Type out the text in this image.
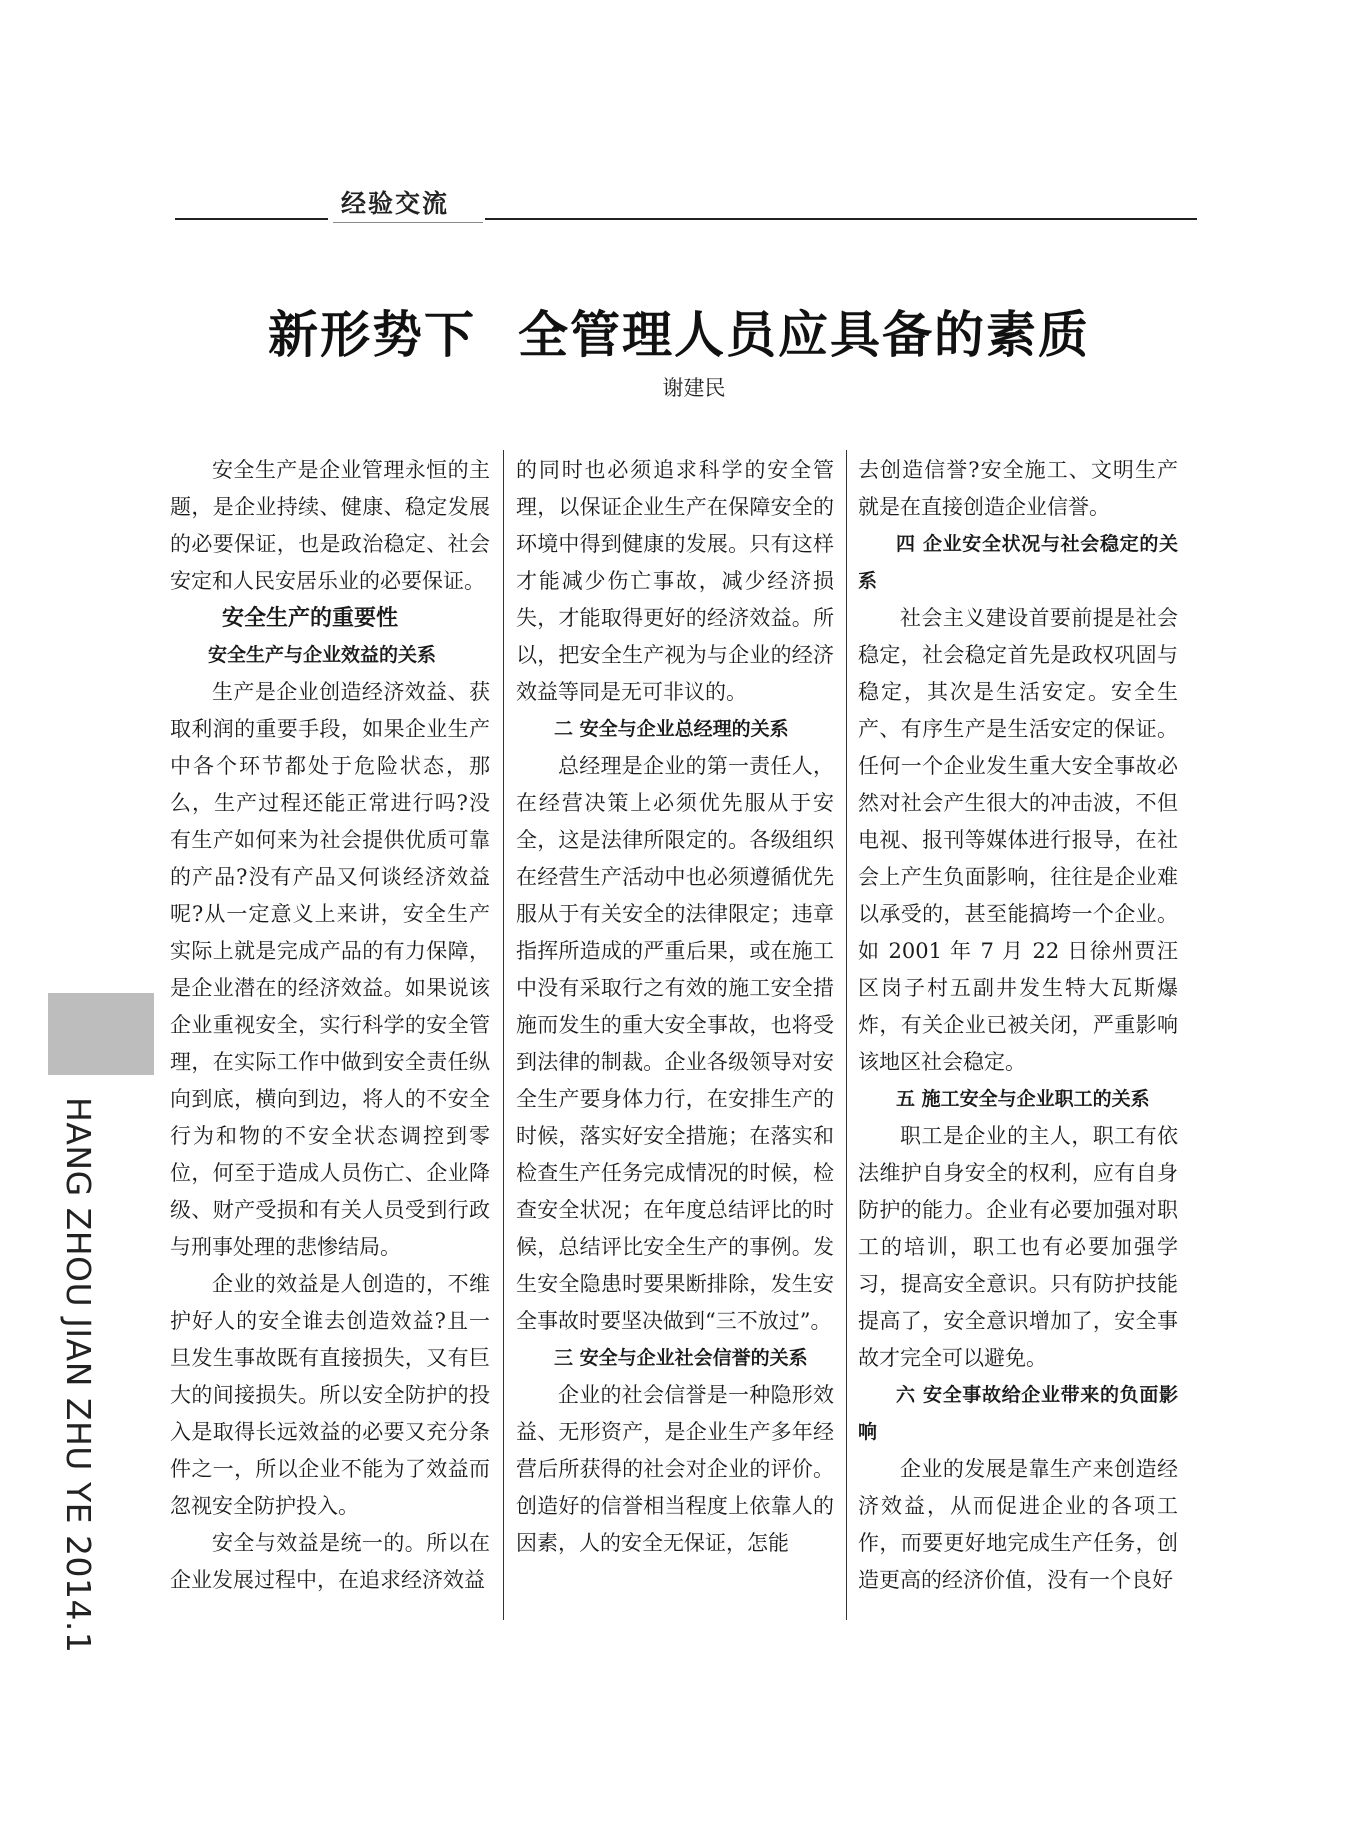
经验交流
新形势下 全管理人员应具备的素质
谢建民

安全生产是企业管理永恒的主题，是企业持续、健康、稳定发展的必要保证，也是政治稳定、社会安定和人民安居乐业的必要保证。

安全生产的重要性
安全生产与企业效益的关系

生产是企业创造经济效益、获取利润的重要手段，如果企业生产中各个环节都处于危险状态，那么，生产过程还能正常进行吗?没有生产如何来为社会提供优质可靠的产品?没有产品又何谈经济效益呢?从一定意义上来讲，安全生产实际上就是完成产品的有力保障，是企业潜在的经济效益。如果说该企业重视安全，实行科学的安全管理，在实际工作中做到安全责任纵向到底，横向到边，将人的不安全行为和物的不安全状态调控到零位，何至于造成人员伤亡、企业降级、财产受损和有关人员受到行政与刑事处理的悲惨结局。

企业的效益是人创造的，不维护好人的安全谁去创造效益?且一旦发生事故既有直接损失，又有巨大的间接损失。所以安全防护的投入是取得长远效益的必要又充分条件之一，所以企业不能为了效益而忽视安全防护投入。

安全与效益是统一的。所以在企业发展过程中，在追求经济效益

的同时也必须追求科学的安全管理，以保证企业生产在保障安全的环境中得到健康的发展。只有这样才能减少伤亡事故，减少经济损失，才能取得更好的经济效益。所以，把安全生产视为与企业的经济效益等同是无可非议的。

二 安全与企业总经理的关系

总经理是企业的第一责任人，在经营决策上必须优先服从于安全，这是法律所限定的。各级组织在经营生产活动中也必须遵循优先服从于有关安全的法律限定；违章指挥所造成的严重后果，或在施工中没有采取行之有效的施工安全措施而发生的重大安全事故，也将受到法律的制裁。企业各级领导对安全生产要身体力行，在安排生产的时候，落实好安全措施；在落实和检查生产任务完成情况的时候，检查安全状况；在年度总结评比的时候，总结评比安全生产的事例。发生安全隐患时要果断排除，发生安全事故时要坚决做到“三不放过”。

三 安全与企业社会信誉的关系

企业的社会信誉是一种隐形效益、无形资产，是企业生产多年经营后所获得的社会对企业的评价。创造好的信誉相当程度上依靠人的因素，人的安全无保证，怎能

去创造信誉?安全施工、文明生产就是在直接创造企业信誉。

四 企业安全状况与社会稳定的关系

社会主义建设首要前提是社会稳定，社会稳定首先是政权巩固与稳定，其次是生活安定。安全生产、有序生产是生活安定的保证。任何一个企业发生重大安全事故必然对社会产生很大的冲击波，不但电视、报刊等媒体进行报导，在社会上产生负面影响，往往是企业难以承受的，甚至能搞垮一个企业。如 2001 年 7 月 22 日徐州贾汪区岗子村五副井发生特大瓦斯爆炸，有关企业已被关闭，严重影响该地区社会稳定。

五 施工安全与企业职工的关系

职工是企业的主人，职工有依法维护自身安全的权利，应有自身防护的能力。企业有必要加强对职工的培训，职工也有必要加强学习，提高安全意识。只有防护技能提高了，安全意识增加了，安全事故才完全可以避免。

六 安全事故给企业带来的负面影响

企业的发展是靠生产来创造经济效益，从而促进企业的各项工作，而要更好地完成生产任务，创造更高的经济价值，没有一个良好

HANG ZHOU JIAN ZHU YE 2014.1
